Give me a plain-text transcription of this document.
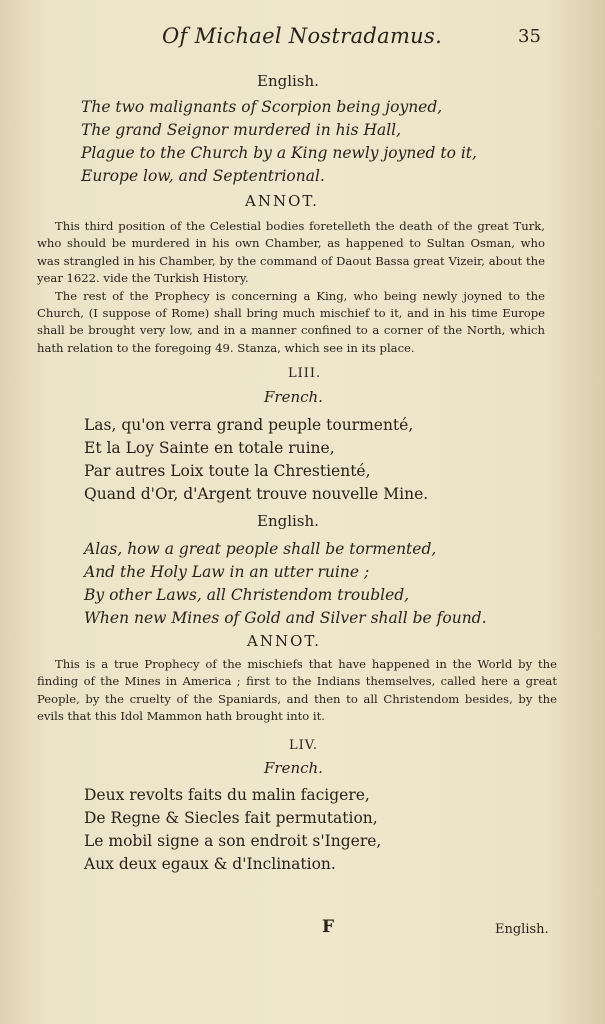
Of Michael Nostradamus.	35
English.
The two malignants of Scorpion being joyned,
The grand Seignor murdered in his Hall,
Plague to the Church by a King newly joyned to it,
Europe low, and Septentrional.
ANNOT.

This third position of the Celestial bodies foretelleth the death of the great Turk, who should be murdered in his own Chamber, as happened to Sultan Osman, who was strangled in his Chamber, by the command of Daout Bassa great Vizeir, about the year 1622. vide the Turkish History.

The rest of the Prophecy is concerning a King, who being newly joyned to the Church, (I suppose of Rome) shall bring much mischief to it, and in his time Europe shall be brought very low, and in a manner confined to a corner of the North, which hath relation to the foregoing 49. Stanza, which see in its place.

LIII.
French.
Las, qu'on verra grand peuple tourmenté,
Et la Loy Sainte en totale ruine,
Par autres Loix toute la Chrestienté,
Quand d'Or, d'Argent trouve nouvelle Mine.
English.
Alas, how a great people shall be tormented,
And the Holy Law in an utter ruine ;
By other Laws, all Christendom troubled,
When new Mines of Gold and Silver shall be found.
ANNOT.

This is a true Prophecy of the mischiefs that have happened in the World by the finding of the Mines in America ; first to the Indians themselves, called here a great People, by the cruelty of the Spaniards, and then to all Christendom besides, by the evils that this Idol Mammon hath brought into it.

LIV.
French.
Deux revolts faits du malin facigere,
De Regne & Siecles fait permutation,
Le mobil signe a son endroit s'Ingere,
Aux deux egaux & d'Inclination.
F	English.
